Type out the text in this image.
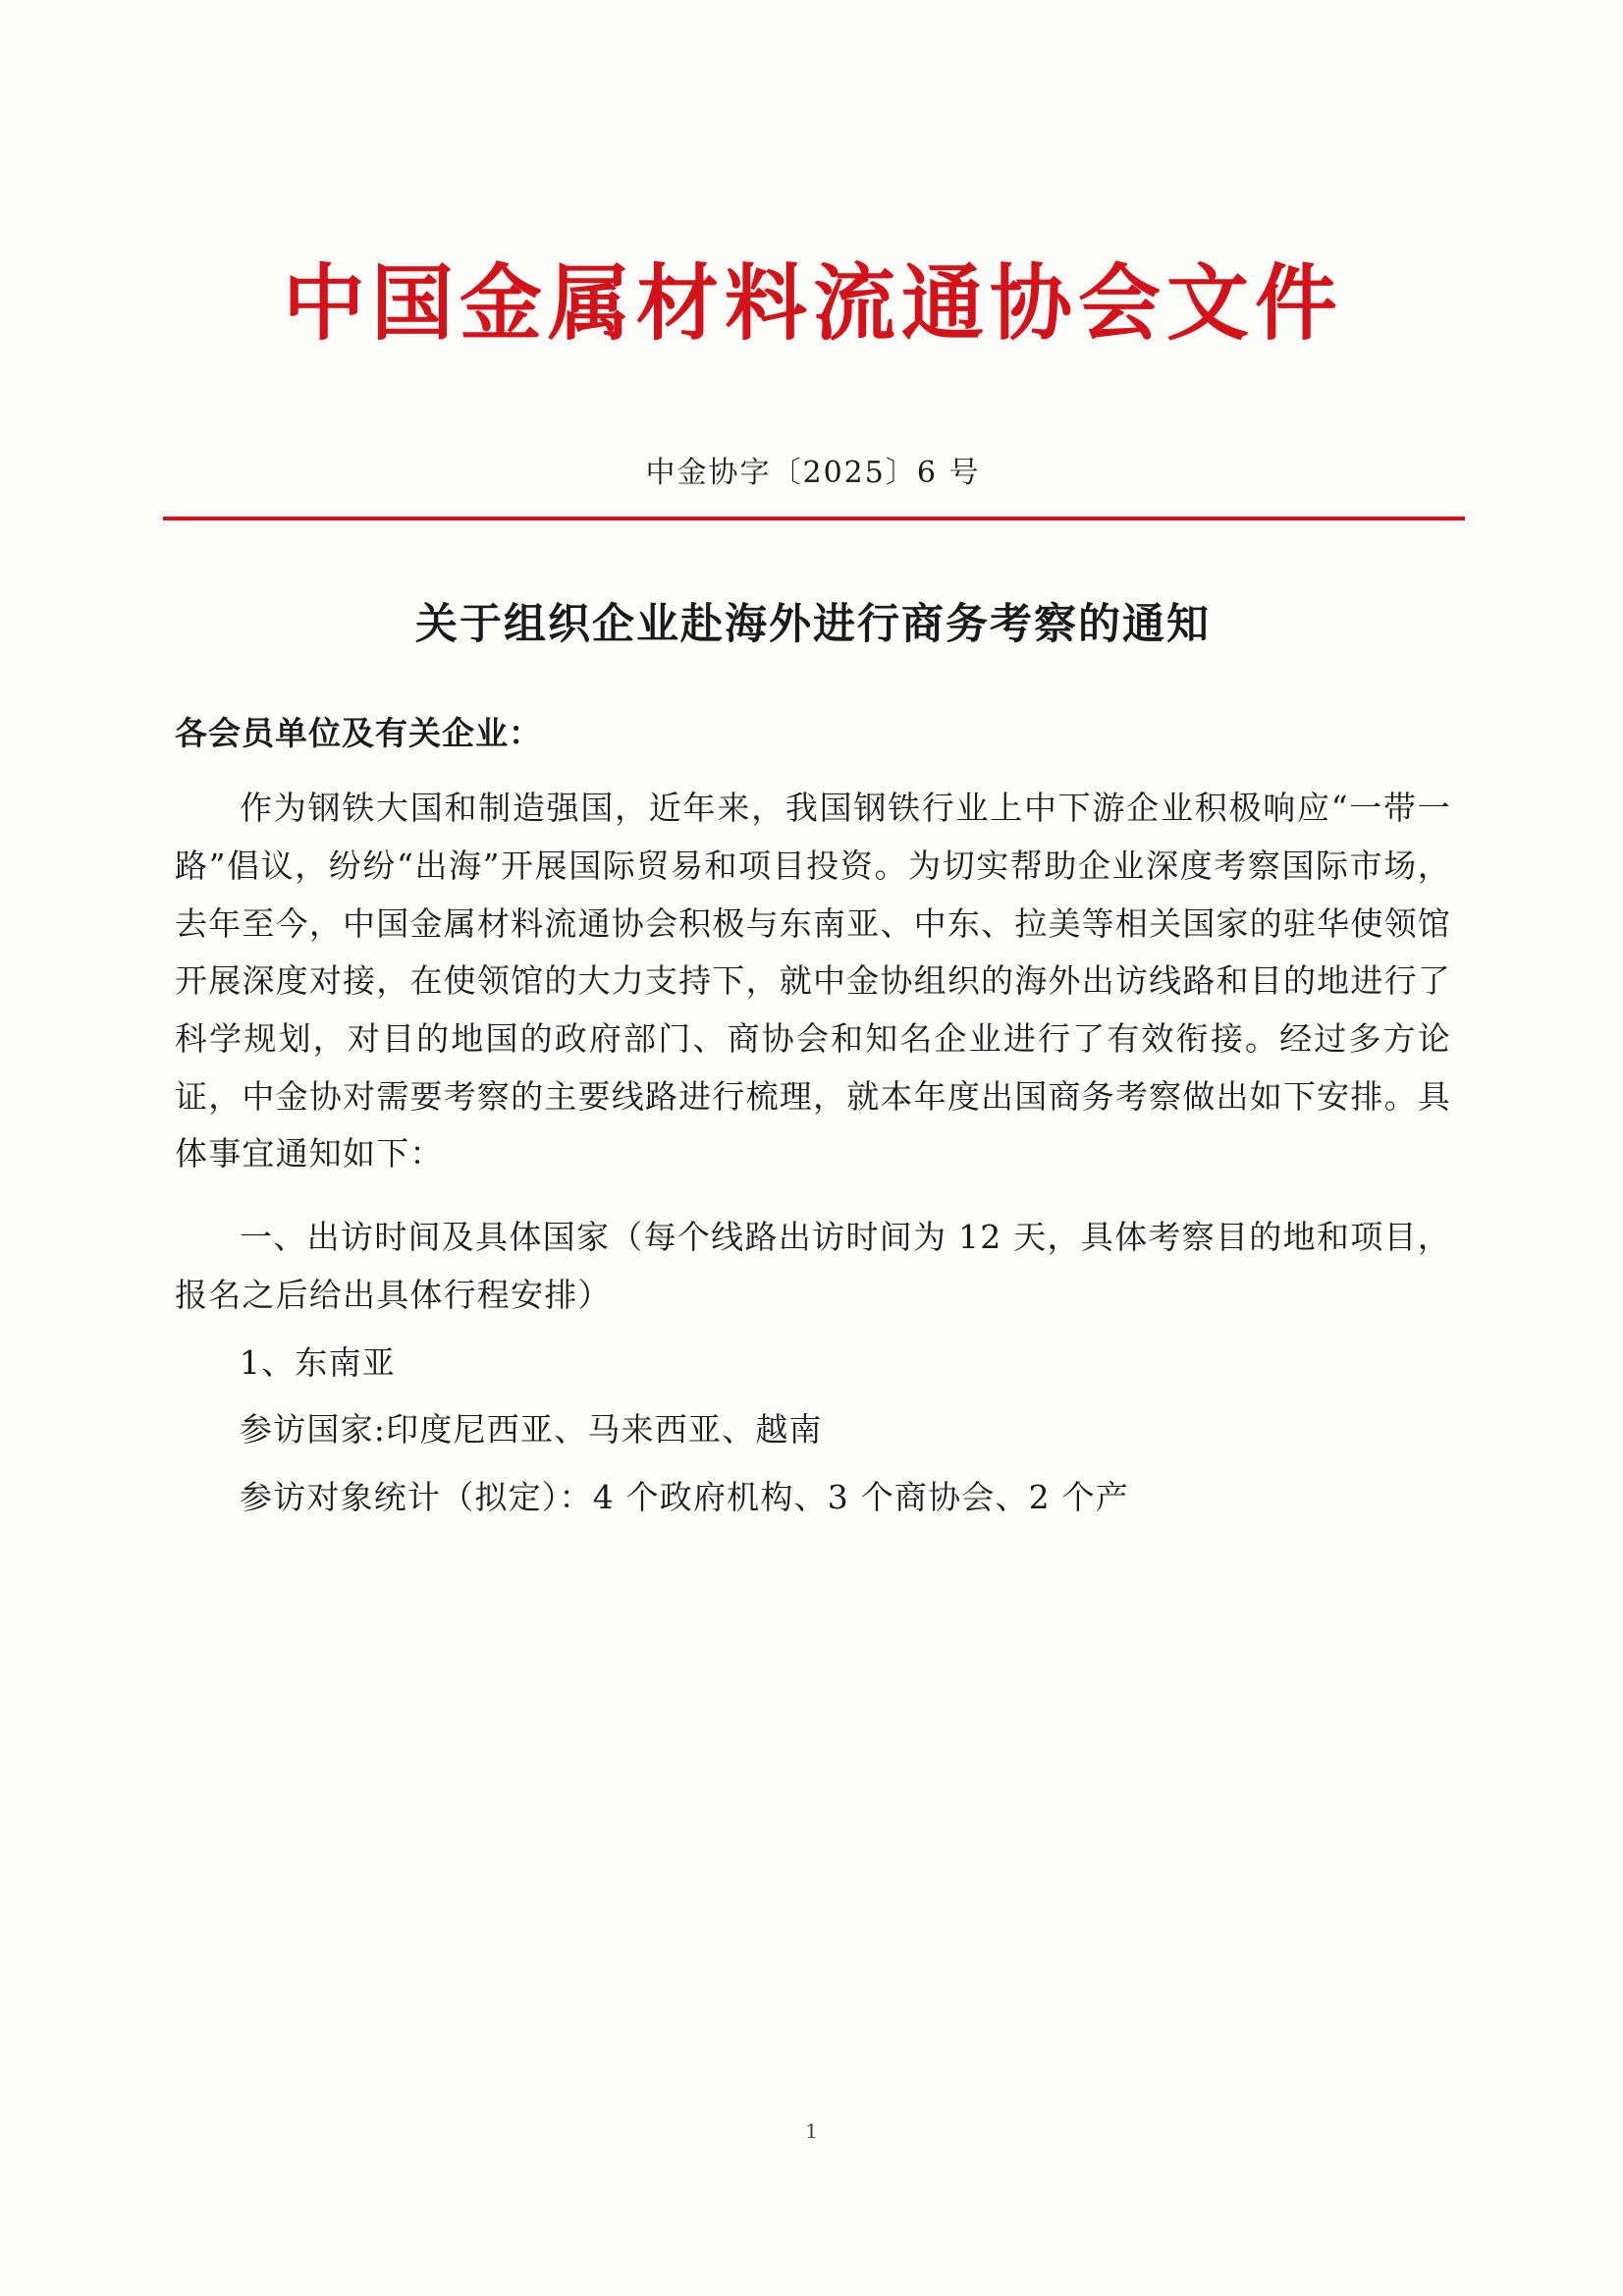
中国金属材料流通协会文件
中金协字〔2025〕6 号
关于组织企业赴海外进行商务考察的通知
各会员单位及有关企业：
作为钢铁大国和制造强国，近年来，我国钢铁行业上中下游企业积极响应“一带一路”倡议，纷纷“出海”开展国际贸易和项目投资。为切实帮助企业深度考察国际市场，去年至今，中国金属材料流通协会积极与东南亚、中东、拉美等相关国家的驻华使领馆开展深度对接，在使领馆的大力支持下，就中金协组织的海外出访线路和目的地进行了科学规划，对目的地国的政府部门、商协会和知名企业进行了有效衔接。经过多方论证，中金协对需要考察的主要线路进行梳理，就本年度出国商务考察做出如下安排。具体事宜通知如下：
一、出访时间及具体国家（每个线路出访时间为 12 天，具体考察目的地和项目，报名之后给出具体行程安排）
1、东南亚
参访国家:印度尼西亚、马来西亚、越南
参访对象统计（拟定）：4 个政府机构、3 个商协会、2 个产
1
